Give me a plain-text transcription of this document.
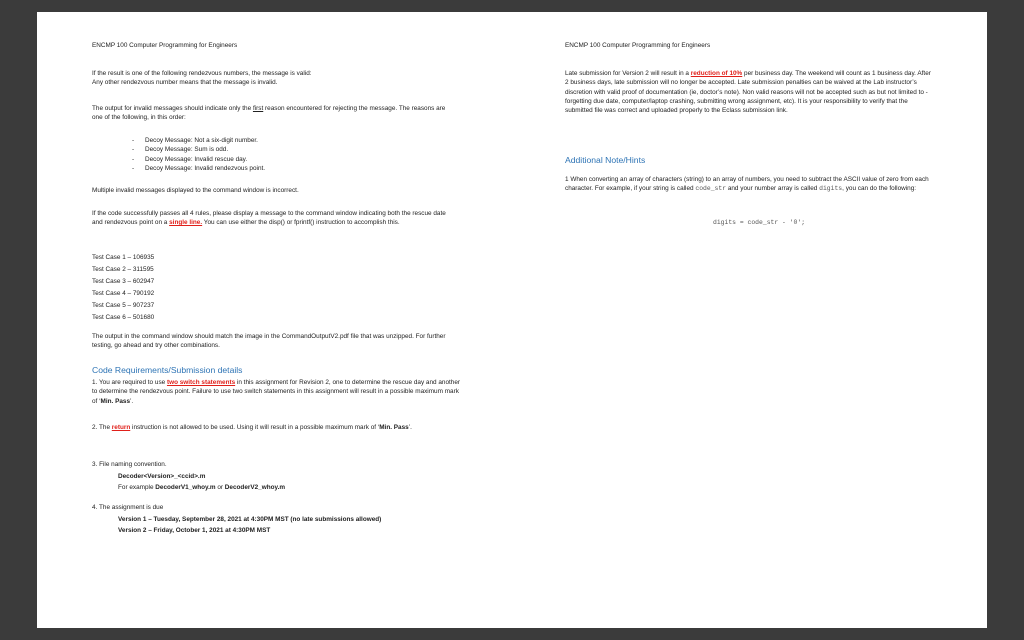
ENCMP 100 Computer Programming for Engineers

If the result is one of the following rendezvous numbers, the message is valid:

Any other rendezvous number means that the message is invalid.

The output for invalid messages should indicate only the first reason encountered for rejecting the message. The reasons are one of the following, in this order:

- Decoy Message: Not a six-digit number.
- Decoy Message: Sum is odd.
- Decoy Message: Invalid rescue day.
- Decoy Message: Invalid rendezvous point.

Multiple invalid messages displayed to the command window is incorrect.

If the code successfully passes all 4 rules, please display a message to the command window indicating both the rescue date and rendezvous point on a single line. You can use either the disp() or fprintf() instruction to accomplish this.

Test Case 1 – 106935

Test Case 2 – 311595

Test Case 3 – 602947

Test Case 4 – 790192

Test Case 5 – 907237

Test Case 6 – 501680

The output in the command window should match the image in the CommandOutputV2.pdf file that was unzipped. For further testing, go ahead and try other combinations.

Code Requirements/Submission details

1. You are required to use two switch statements in this assignment for Revision 2, one to determine the rescue day and another to determine the rendezvous point. Failure to use two switch statements in this assignment will result in a possible maximum mark of ‘Min. Pass’.

2. The return instruction is not allowed to be used. Using it will result in a possible maximum mark of ‘Min. Pass’.

3. File naming convention.

Decoder<Version>_<ccid>.m

For example DecoderV1_whoy.m or DecoderV2_whoy.m

4. The assignment is due

Version 1 – Tuesday, September 28, 2021 at 4:30PM MST (no late submissions allowed)

Version 2 – Friday, October 1, 2021 at 4:30PM MST

ENCMP 100 Computer Programming for Engineers

Late submission for Version 2 will result in a reduction of 10% per business day. The weekend will count as 1 business day. After 2 business days, late submission will no longer be accepted. Late submission penalties can be waived at the Lab instructor’s discretion with valid proof of documentation (ie, doctor’s note). Non valid reasons will not be accepted such as but not limited to - forgetting due date, computer/laptop crashing, submitting wrong assignment, etc). It is your responsibility to verify that the submitted file was correct and uploaded properly to the Eclass submission link.

Additional Note/Hints

1 When converting an array of characters (string) to an array of numbers, you need to subtract the ASCII value of zero from each character. For example, if your string is called code_str and your number array is called digits, you can do the following:

digits = code_str - '0';
